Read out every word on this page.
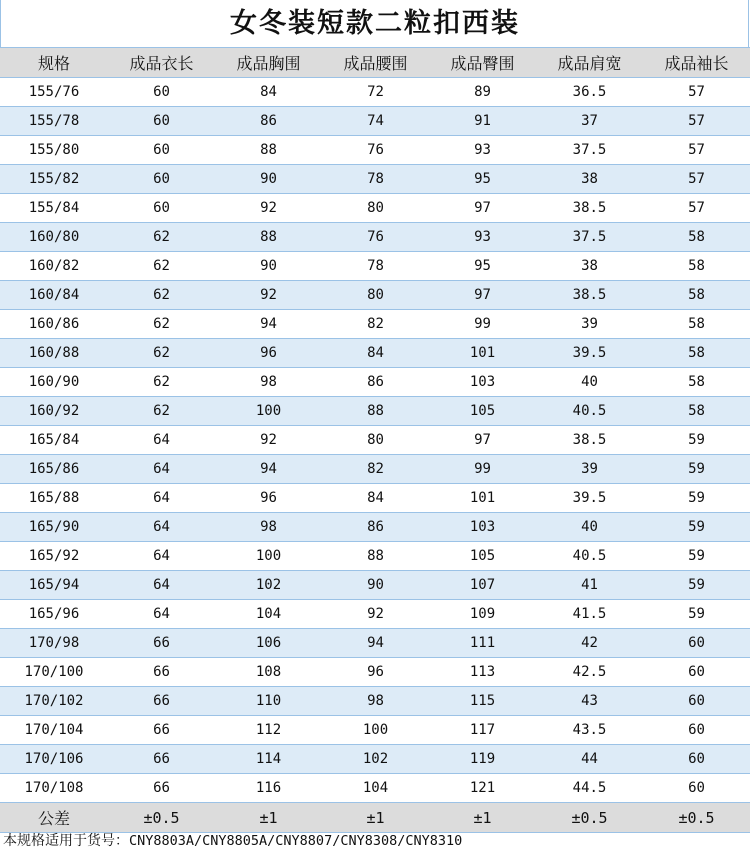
女冬装短款二粒扣西装
规格	成品衣长	成品胸围	成品腰围	成品臀围	成品肩宽	成品袖长
155/76	60	84	72	89	36.5	57
155/78	60	86	74	91	37	57
155/80	60	88	76	93	37.5	57
155/82	60	90	78	95	38	57
155/84	60	92	80	97	38.5	57
160/80	62	88	76	93	37.5	58
160/82	62	90	78	95	38	58
160/84	62	92	80	97	38.5	58
160/86	62	94	82	99	39	58
160/88	62	96	84	101	39.5	58
160/90	62	98	86	103	40	58
160/92	62	100	88	105	40.5	58
165/84	64	92	80	97	38.5	59
165/86	64	94	82	99	39	59
165/88	64	96	84	101	39.5	59
165/90	64	98	86	103	40	59
165/92	64	100	88	105	40.5	59
165/94	64	102	90	107	41	59
165/96	64	104	92	109	41.5	59
170/98	66	106	94	111	42	60
170/100	66	108	96	113	42.5	60
170/102	66	110	98	115	43	60
170/104	66	112	100	117	43.5	60
170/106	66	114	102	119	44	60
170/108	66	116	104	121	44.5	60
公差	±0.5	±1	±1	±1	±0.5	±0.5
本规格适用于货号：CNY8803A/CNY8805A/CNY8807/CNY8308/CNY8310
